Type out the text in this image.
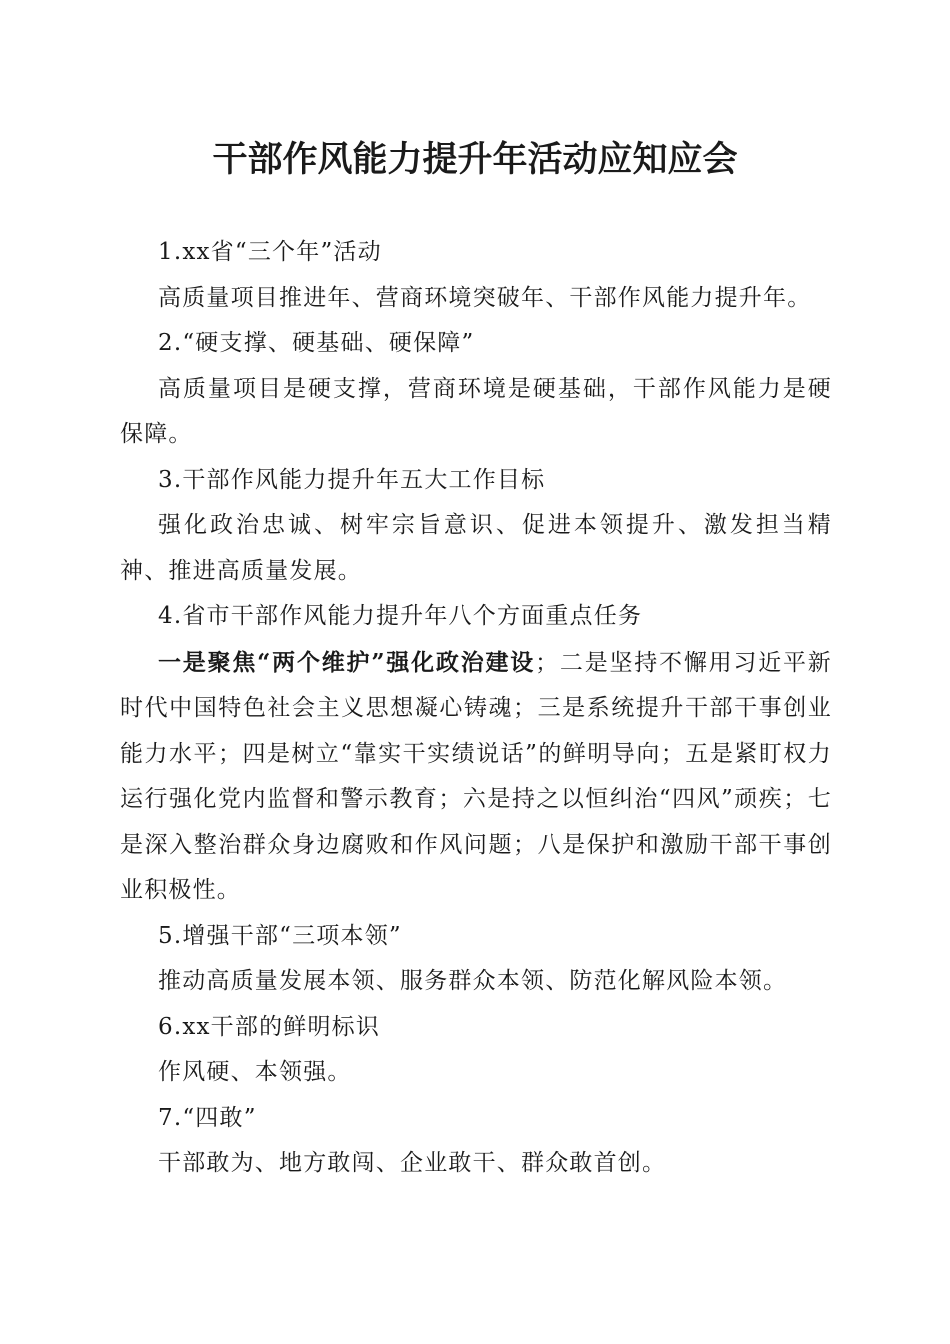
干部作风能力提升年活动应知应会

1.xx省“三个年”活动

高质量项目推进年、营商环境突破年、干部作风能力提升年。

2.“硬支撑、硬基础、硬保障”

高质量项目是硬支撑，营商环境是硬基础，干部作风能力是硬保障。

3.干部作风能力提升年五大工作目标

强化政治忠诚、树牢宗旨意识、促进本领提升、激发担当精神、推进高质量发展。

4.省市干部作风能力提升年八个方面重点任务

一是聚焦“两个维护”强化政治建设；二是坚持不懈用习近平新时代中国特色社会主义思想凝心铸魂；三是系统提升干部干事创业能力水平；四是树立“靠实干实绩说话”的鲜明导向；五是紧盯权力运行强化党内监督和警示教育；六是持之以恒纠治“四风”顽疾；七是深入整治群众身边腐败和作风问题；八是保护和激励干部干事创业积极性。

5.增强干部“三项本领”

推动高质量发展本领、服务群众本领、防范化解风险本领。

6.xx干部的鲜明标识

作风硬、本领强。

7.“四敢”

干部敢为、地方敢闯、企业敢干、群众敢首创。
